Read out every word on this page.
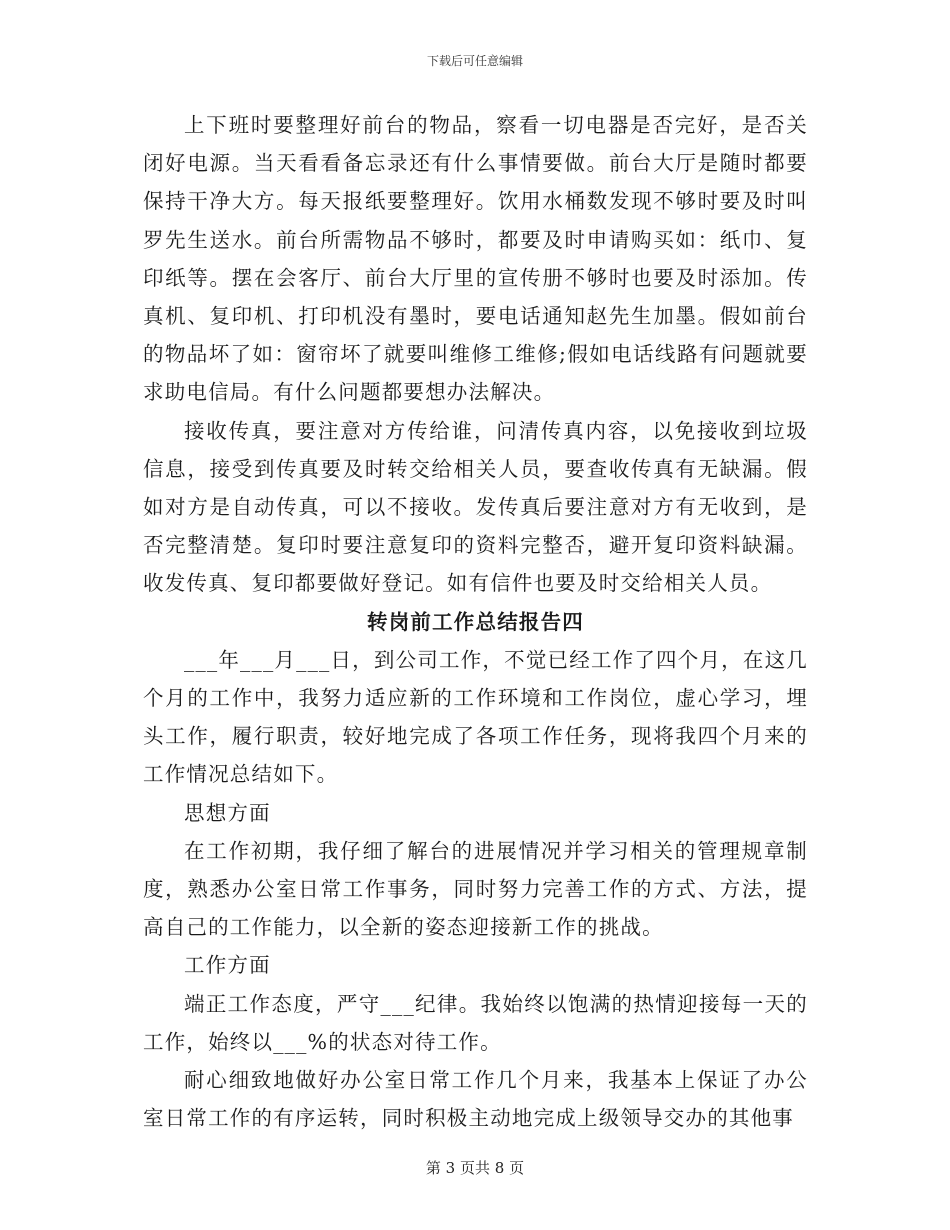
下载后可任意编辑

上下班时要整理好前台的物品，察看一切电器是否完好，是否关闭好电源。当天看看备忘录还有什么事情要做。前台大厅是随时都要保持干净大方。每天报纸要整理好。饮用水桶数发现不够时要及时叫罗先生送水。前台所需物品不够时，都要及时申请购买如：纸巾、复印纸等。摆在会客厅、前台大厅里的宣传册不够时也要及时添加。传真机、复印机、打印机没有墨时，要电话通知赵先生加墨。假如前台的物品坏了如：窗帘坏了就要叫维修工维修;假如电话线路有问题就要求助电信局。有什么问题都要想办法解决。

接收传真，要注意对方传给谁，问清传真内容，以免接收到垃圾信息，接受到传真要及时转交给相关人员，要查收传真有无缺漏。假如对方是自动传真，可以不接收。发传真后要注意对方有无收到，是否完整清楚。复印时要注意复印的资料完整否，避开复印资料缺漏。收发传真、复印都要做好登记。如有信件也要及时交给相关人员。

转岗前工作总结报告四

___年___月___日，到公司工作，不觉已经工作了四个月，在这几个月的工作中，我努力适应新的工作环境和工作岗位，虚心学习，埋头工作，履行职责，较好地完成了各项工作任务，现将我四个月来的工作情况总结如下。

思想方面

在工作初期，我仔细了解台的进展情况并学习相关的管理规章制度，熟悉办公室日常工作事务，同时努力完善工作的方式、方法，提高自己的工作能力，以全新的姿态迎接新工作的挑战。

工作方面

端正工作态度，严守___纪律。我始终以饱满的热情迎接每一天的工作，始终以___%的状态对待工作。

耐心细致地做好办公室日常工作几个月来，我基本上保证了办公室日常工作的有序运转，同时积极主动地完成上级领导交办的其他事

第 3 页共 8 页
